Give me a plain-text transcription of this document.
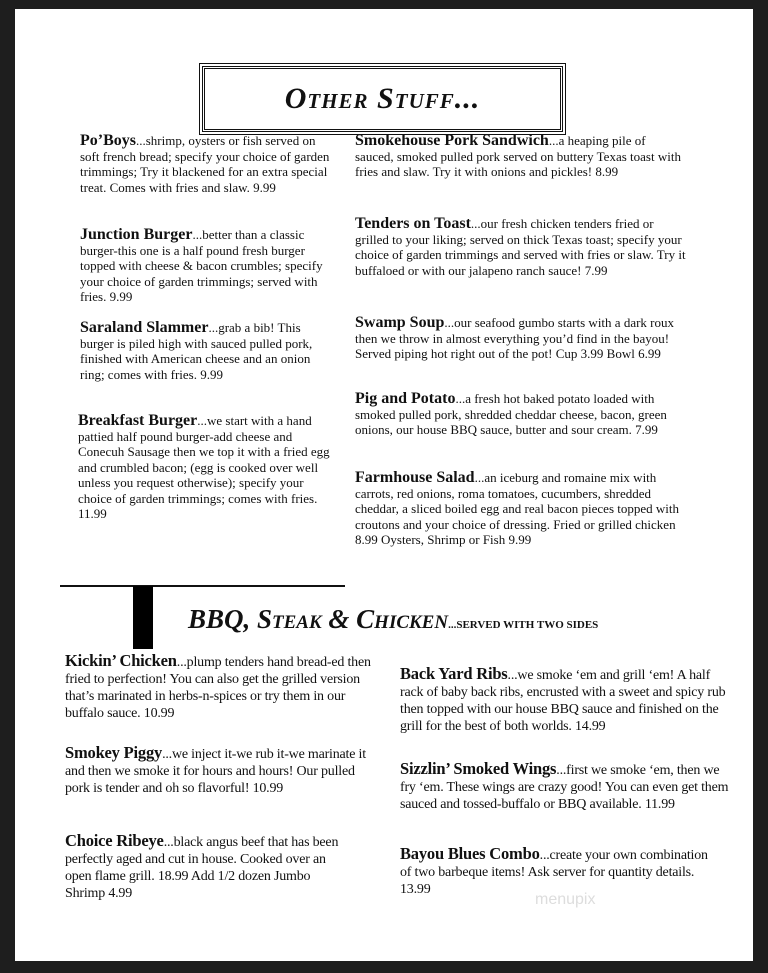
Other Stuff...
Po’Boys...shrimp, oysters or fish served on soft french bread; specify your choice of garden trimmings; Try it blackened for an extra special treat. Comes with fries and slaw. 9.99
Junction Burger...better than a classic burger-this one is a half pound fresh burger topped with cheese & bacon crumbles; specify your choice of garden trimmings; served with fries. 9.99
Saraland Slammer...grab a bib! This burger is piled high with sauced pulled pork, finished with American cheese and an onion ring; comes with fries. 9.99
Breakfast Burger...we start with a hand pattied half pound burger-add cheese and Conecuh Sausage then we top it with a fried egg and crumbled bacon; (egg is cooked over well unless you request otherwise); specify your choice of garden trimmings; comes with fries. 11.99
Smokehouse Pork Sandwich...a heaping pile of sauced, smoked pulled pork served on buttery Texas toast with fries and slaw. Try it with onions and pickles! 8.99
Tenders on Toast...our fresh chicken tenders fried or grilled to your liking; served on thick Texas toast; specify your choice of garden trimmings and served with fries or slaw. Try it buffaloed or with our jalapeno ranch sauce! 7.99
Swamp Soup...our seafood gumbo starts with a dark roux then we throw in almost everything you’d find in the bayou! Served piping hot right out of the pot! Cup 3.99 Bowl 6.99
Pig and Potato...a fresh hot baked potato loaded with smoked pulled pork, shredded cheddar cheese, bacon, green onions, our house BBQ sauce, butter and sour cream. 7.99
Farmhouse Salad...an iceburg and romaine mix with carrots, red onions, roma tomatoes, cucumbers, shredded cheddar, a sliced boiled egg and real bacon pieces topped with croutons and your choice of dressing. Fried or grilled chicken 8.99 Oysters, Shrimp or Fish 9.99
BBQ, Steak & Chicken...SERVED WITH TWO SIDES
Kickin’ Chicken...plump tenders hand bread-ed then fried to perfection! You can also get the grilled version that’s marinated in herbs-n-spices or try them in our buffalo sauce. 10.99
Smokey Piggy...we inject it-we rub it-we marinate it and then we smoke it for hours and hours! Our pulled pork is tender and oh so flavorful! 10.99
Choice Ribeye...black angus beef that has been perfectly aged and cut in house. Cooked over an open flame grill. 18.99 Add 1/2 dozen Jumbo Shrimp 4.99
Back Yard Ribs...we smoke ‘em and grill ‘em! A half rack of baby back ribs, encrusted with a sweet and spicy rub then topped with our house BBQ sauce and finished on the grill for the best of both worlds. 14.99
Sizzlin’ Smoked Wings...first we smoke ‘em, then we fry ‘em. These wings are crazy good! You can even get them sauced and tossed-buffalo or BBQ available. 11.99
Bayou Blues Combo...create your own combination of two barbeque items! Ask server for quantity details. 13.99
menupix
